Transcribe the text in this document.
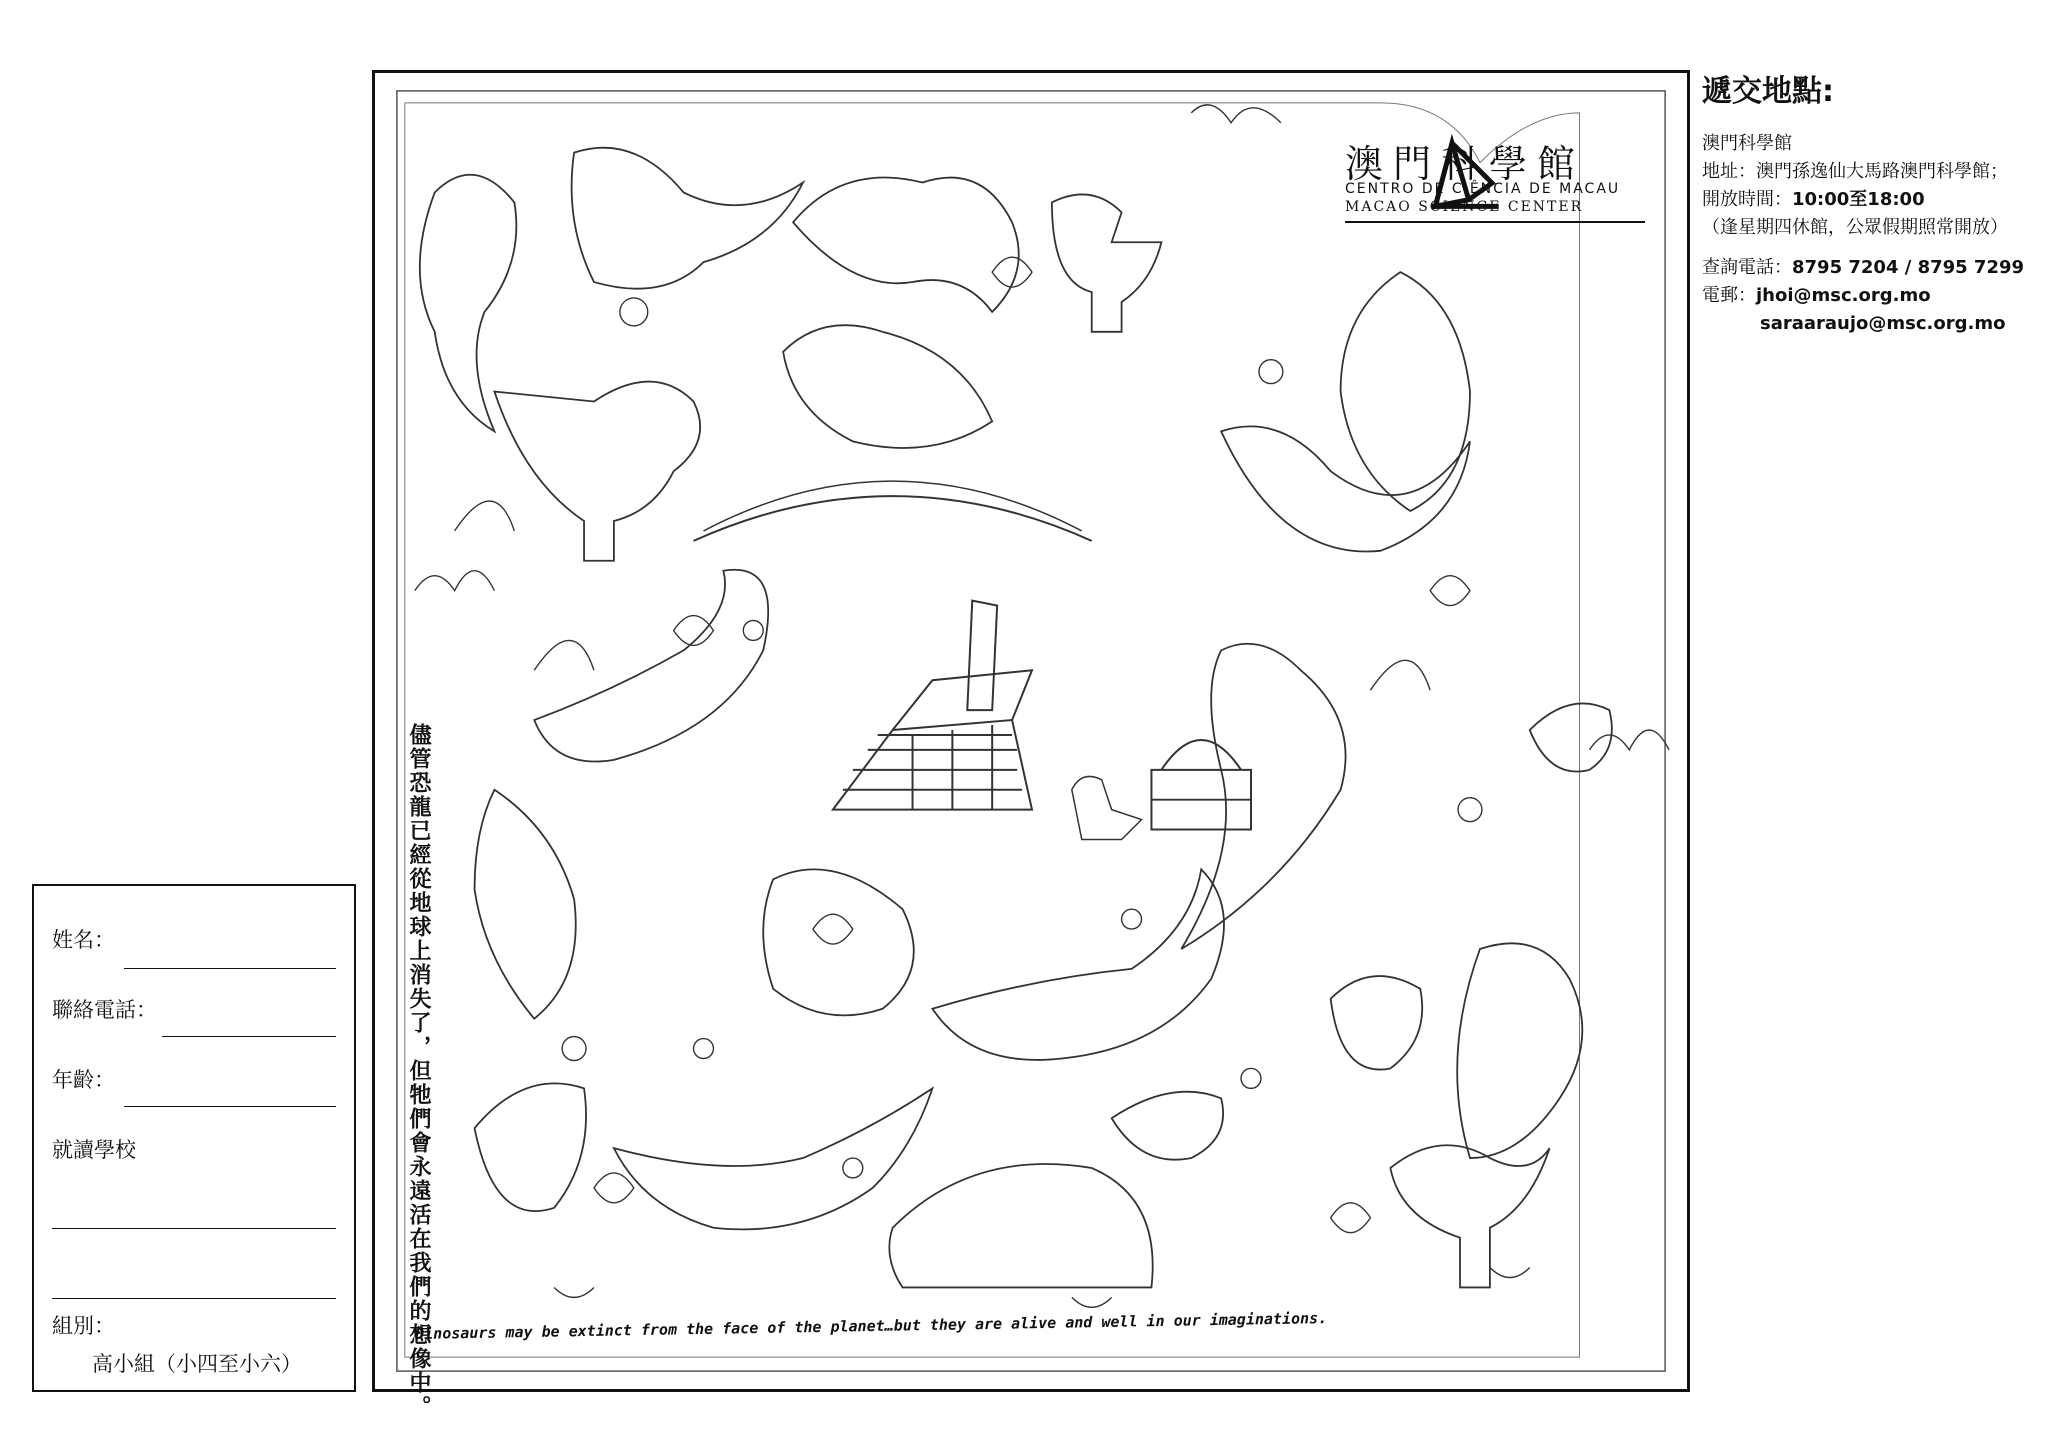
澳門科學館
CENTRO DE CIÊNCIA DE MACAU
MACAO SCIENCE CENTER
儘管恐龍已經從地球上消失了，但牠們會永遠活在我們的想像中。
Dinosaurs may be extinct from the face of the planet…but they are alive and well in our imaginations.
遞交地點:
澳門科學館
地址：澳門孫逸仙大馬路澳門科學館；
開放時間：10:00至18:00
（逢星期四休館，公眾假期照常開放）
查詢電話：8795 7204 / 8795 7299
電郵：jhoi@msc.org.mo
saraaraujo@msc.org.mo
姓名：
聯絡電話：
年齡：
就讀學校
組別：
高小組（小四至小六）
